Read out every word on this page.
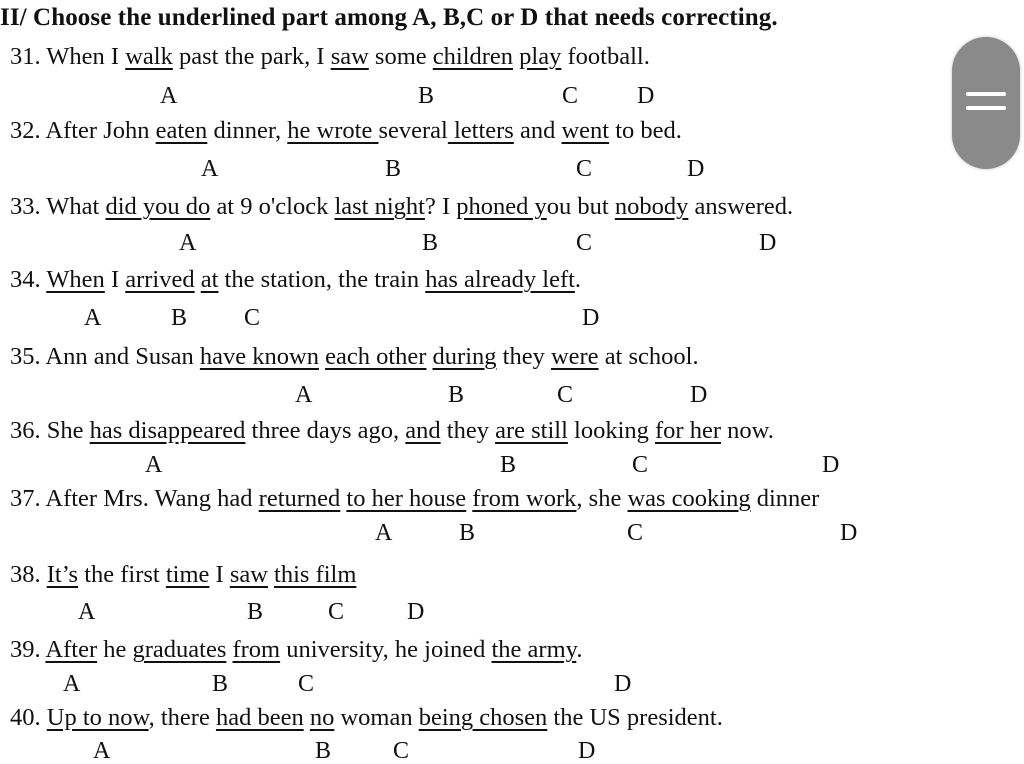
II/ Choose the underlined part among A, B,C or D that needs correcting.
31. When I walk past the park, I saw some children play football.
A	B	C D
32. After John eaten dinner, he wrote several letters and went to bed.
A	B	C	D
33. What did you do at 9 o'clock last night? I phoned you but nobody answered.
A	B	C	D
34. When I arrived at the station, the train has already left.
A	B C	D
35. Ann and Susan have known each other during they were at school.
A	B	C	D
36. She has disappeared three days ago, and they are still looking for her now.
A	B	C	D
37. After Mrs. Wang had returned to her house from work, she was cooking dinner
A	B	C	D
38. It’s the first time I saw this film
A	B	C	D
39. After he graduates from university, he joined the army.
A	B	C	D
40. Up to now, there had been no woman being chosen the US president.
A	B	C	D
